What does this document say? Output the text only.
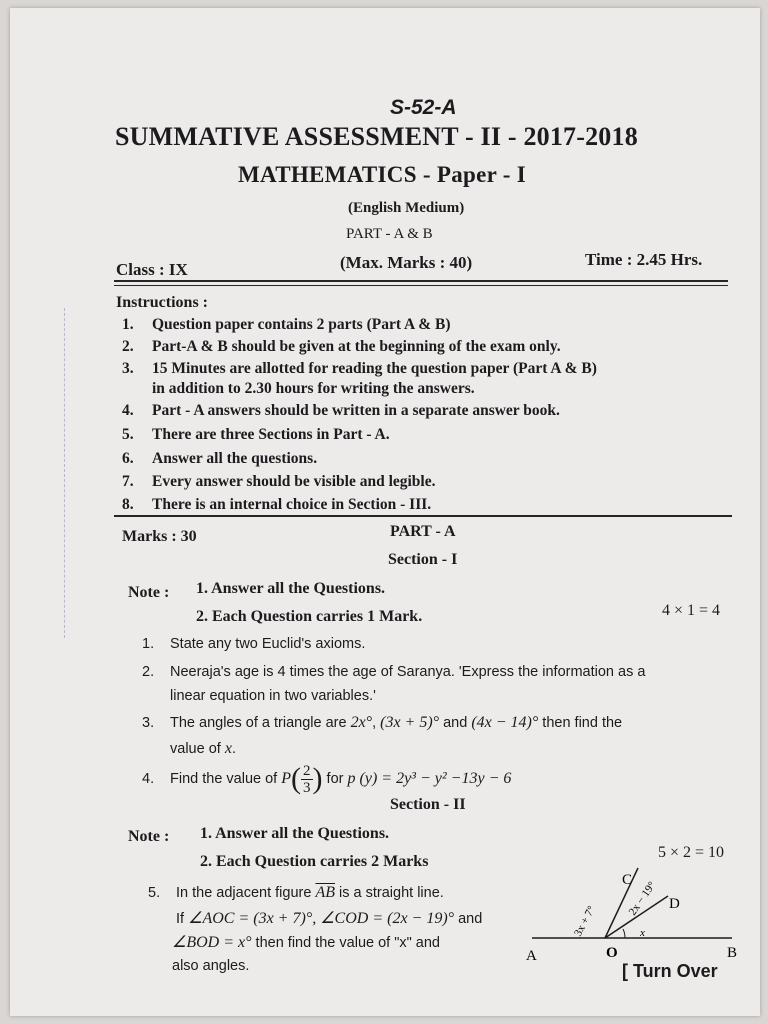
S-52-A
SUMMATIVE ASSESSMENT - II - 2017-2018
MATHEMATICS - Paper - I
(English Medium)
PART - A & B
Class : IX	(Max. Marks : 40)	Time : 2.45 Hrs.
Instructions :
1. Question paper contains 2 parts (Part A & B)
2. Part-A & B should be given at the beginning of the exam only.
3. 15 Minutes are allotted for reading the question paper (Part A & B)
in addition to 2.30 hours for writing the answers.
4. Part - A answers should be written in a separate answer book.
5. There are three Sections in Part - A.
6. Answer all the questions.
7. Every answer should be visible and legible.
8. There is an internal choice in Section - III.
Marks : 30	PART - A
Section - I
Note : 1. Answer all the Questions.
2. Each Question carries 1 Mark.	4 × 1 = 4
1. State any two Euclid's axioms.
2. Neeraja's age is 4 times the age of Saranya. 'Express the information as a
linear equation in two variables.'
3. The angles of a triangle are 2x°, (3x + 5)° and (4x − 14)° then find the
value of x.
4. Find the value of $P( \frac{2}{3}$ ) for p (y) = 2y³ − y² −13y − 6
Section - II
Note : 1. Answer all the Questions.
2. Each Question carries 2 Marks
5 × 2 = 10
5. In the adjacent figure $\overline{AB}$ is a straight line.
If ∠AOC = (3x + 7)°, ∠COD = (2x − 19)° and
∠BOD = x° then find the value of "x" and
also angles.
A	O	B
C
D
3x + 7°
2x − 19°
x
[ Turn Over
